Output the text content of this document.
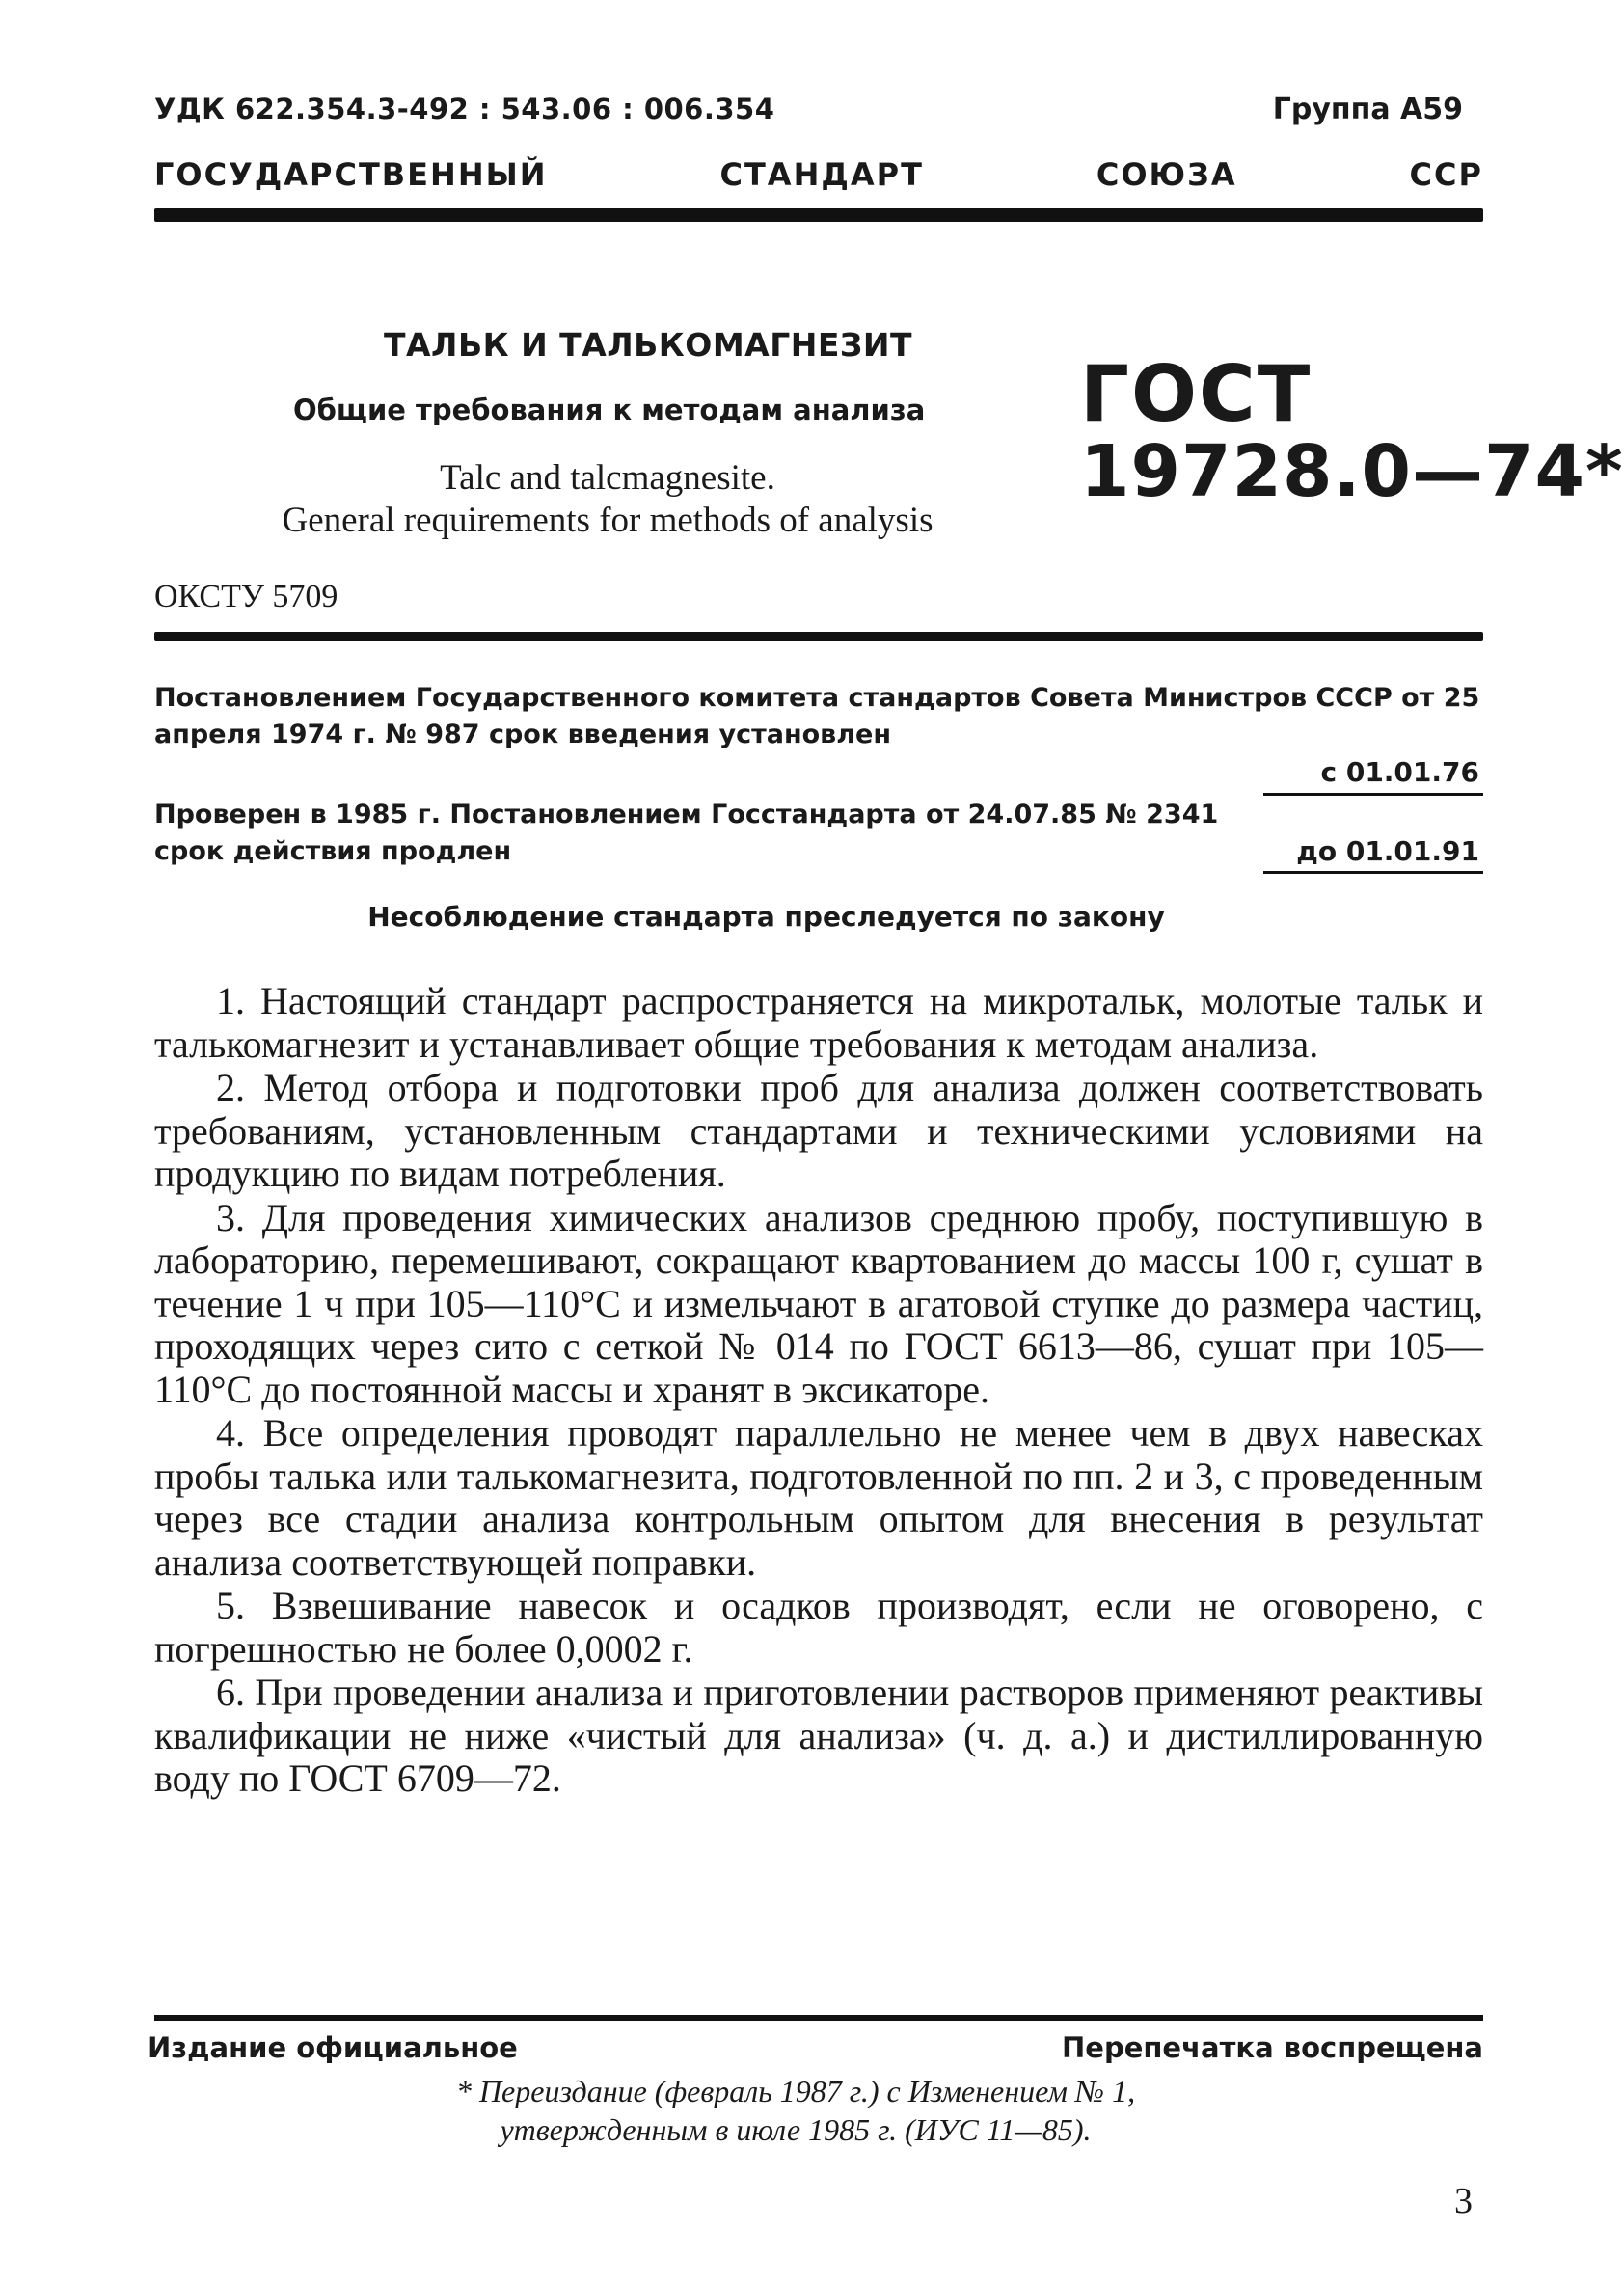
УДК 622.354.3-492 : 543.06 : 006.354	Группа А59
ГОСУДАРСТВЕННЫЙ	СТАНДАРТ	СОЮЗА	ССР
ТАЛЬК И ТАЛЬКОМАГНЕЗИТ
Общие требования к методам анализа
Talc and talcmagnesite.
General requirements for methods of analysis
ГОСТ
19728.0—74*
ОКСТУ 5709
Постановлением Государственного комитета стандартов Совета Министров СССР от 25 апреля 1974 г. № 987 срок введения установлен
с 01.01.76
Проверен в 1985 г. Постановлением Госстандарта от 24.07.85 № 2341 срок действия продлен	до 01.01.91
Несоблюдение стандарта преследуется по закону

1. Настоящий стандарт распространяется на микротальк, молотые тальк и талькомагнезит и устанавливает общие требования к методам анализа.

2. Метод отбора и подготовки проб для анализа должен соответствовать требованиям, установленным стандартами и техническими условиями на продукцию по видам потребления.

3. Для проведения химических анализов среднюю пробу, поступившую в лабораторию, перемешивают, сокращают квартованием до массы 100 г, сушат в течение 1 ч при 105—110°С и измельчают в агатовой ступке до размера частиц, проходящих через сито с сеткой № 014 по ГОСТ 6613—86, сушат при 105—110°С до постоянной массы и хранят в эксикаторе.

4. Все определения проводят параллельно не менее чем в двух навесках пробы талька или талькомагнезита, подготовленной по пп. 2 и 3, с проведенным через все стадии анализа контрольным опытом для внесения в результат анализа соответствующей поправки.

5. Взвешивание навесок и осадков производят, если не оговорено, с погрешностью не более 0,0002 г.

6. При проведении анализа и приготовлении растворов применяют реактивы квалификации не ниже «чистый для анализа» (ч. д. а.) и дистиллированную воду по ГОСТ 6709—72.

Издание официальное	Перепечатка воспрещена
* Переиздание (февраль 1987 г.) с Изменением № 1,
утвержденным в июле 1985 г. (ИУС 11—85).
3
